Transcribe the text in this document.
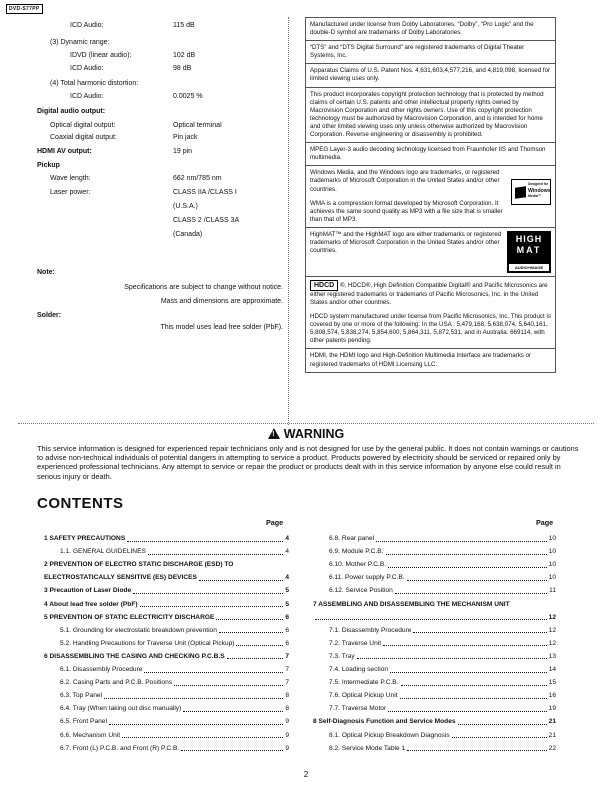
DVD-S77PP
ICD Audio:	115 dB
(3) Dynamic range:
IDVD (linear audio):	102 dB
ICD Audio:	98 dB
(4) Total harmonic distortion:
ICD Audio:	0.0025 %
Digital audio output:
Optical digital output:	Optical terminal
Coaxial digital output:	Pin jack
HDMI AV output:	19 pin
Pickup
Wave length:	662 nm/785 nm
Laser power:	CLASS IIA /CLASS I
(U.S.A.)
CLASS 2 /CLASS 3A
(Canada)
Note:
Specifications are subject to change without notice.
Mass and dimensions are approximate.
Solder:
This model uses lead free solder (PbF).

Manufactured under license from Dolby Laboratories. “Dolby”, “Pro Logic” and the double-D symbol are trademarks of Dolby Laboratories.

“DTS” and “DTS Digital Surround” are registered trademarks of Digital Theater Systems, Inc.

Apparatus Claims of U.S. Patent Nos. 4,631,603,4,577,216, and 4,819,098, licensed for limited viewing uses only.

This product incorporates copyright protection technology that is protected by method claims of certain U.S. patents and other intellectual property rights owned by Macrovision Corporation and other rights owners. Use of this copyright protection technology must be authorized by Macrovision Corporation, and is intended for home and other limited viewing uses only unless otherwise authorized by Macrovision Corporation. Reverse engineering or disassembly is prohibited.

MPEG Layer-3 audio decoding technology licensed from Fraunhofer IIS and Thomson multimedia.

Windows Media, and the Windows logo are trademarks, or registered trademarks of Microsoft Corporation in the United States and/or other countries.

WMA is a compression format developed by Microsoft Corporation. It achieves the same sound quality as MP3 with a file size that is smaller than that of MP3.

Designed for
Windows
Media™

HighMAT™ and the HighMAT logo are either trademarks or registered trademarks of Microsoft Corporation in the United States and/or other countries.

HIGH
MAT
AUDIO+IMAGE

HDCD ®, HDCD®, High Definition Compatible Digital® and Pacific Microsonics are either registered trademarks or trademarks of Pacific Microsonics, Inc. in the United States and/or other countries.

HDCD system manufactured under license from Pacific Microsonics, Inc. This product is covered by one or more of the following: In the USA : 5,479,168, 5,638,074, 5,640,161, 5,808,574, 5,838,274, 5,854,600, 5,864,311, 5,872,531, and in Australia: 669114, with other patents pending.

HDMI, the HDMI logo and High-Definition Multimedia Interface are trademarks or registered trademarks of HDMI Licensing LLC.

!WARNING
This service information is designed for experienced repair technicians only and is not designed for use by the general public. It does not contain warnings or cautions to advise non-technical individuals of potential dangers in attempting to service a product. Products powered by electricity should be serviced or repaired only by experienced professional technicians. Any attempt to service or repair the product or products dealt with in this service information by anyone else could result in serious injury or death.
CONTENTS
Page	Page
1 SAFETY PRECAUTIONS	4
1.1. GENERAL GUIDELINES	4
2 PREVENTION OF ELECTRO STATIC DISCHARGE (ESD) TO
ELECTROSTATICALLY SENSITIVE (ES) DEVICES	4
3 Precaution of Laser Diode	5
4 About lead free solder (PbF)	5
5 PREVENTION OF STATIC ELECTRICITY DISCHARGE	6
5.1. Grounding for electrostatic breakdown prevention	6
5.2. Handling Precautions for Traverse Unit (Optical Pickup)	6
6 DISASSEMBLING THE CASING AND CHECKING P.C.B.S	7
6.1. Disassembly Procedure	7
6.2. Casing Parts and P.C.B. Positions	7
6.3. Top Panel	8
6.4. Tray (When taking out disc manually)	8
6.5. Front Panel	9
6.6. Mechanism Unit	9
6.7. Front (L) P.C.B. and Front (R) P.C.B.	9
6.8. Rear panel	10
6.9. Module P.C.B.	10
6.10. Mother P.C.B.	10
6.11. Power supply P.C.B.	10
6.12. Service Position	11
7 ASSEMBLING AND DISASSEMBLING THE MECHANISM UNIT
12
7.1. Disassembly Procedure	12
7.2. Traverse Unit	12
7.3. Tray	13
7.4. Loading section	14
7.5. Intermediate P.C.B.	15
7.6. Optical Pickup Unit	16
7.7. Traverse Motor	19
8 Self-Diagnosis Function and Service Modes	21
8.1. Optical Pickup Breakdown Diagnosis	21
8.2. Service Mode Table 1	22
2
